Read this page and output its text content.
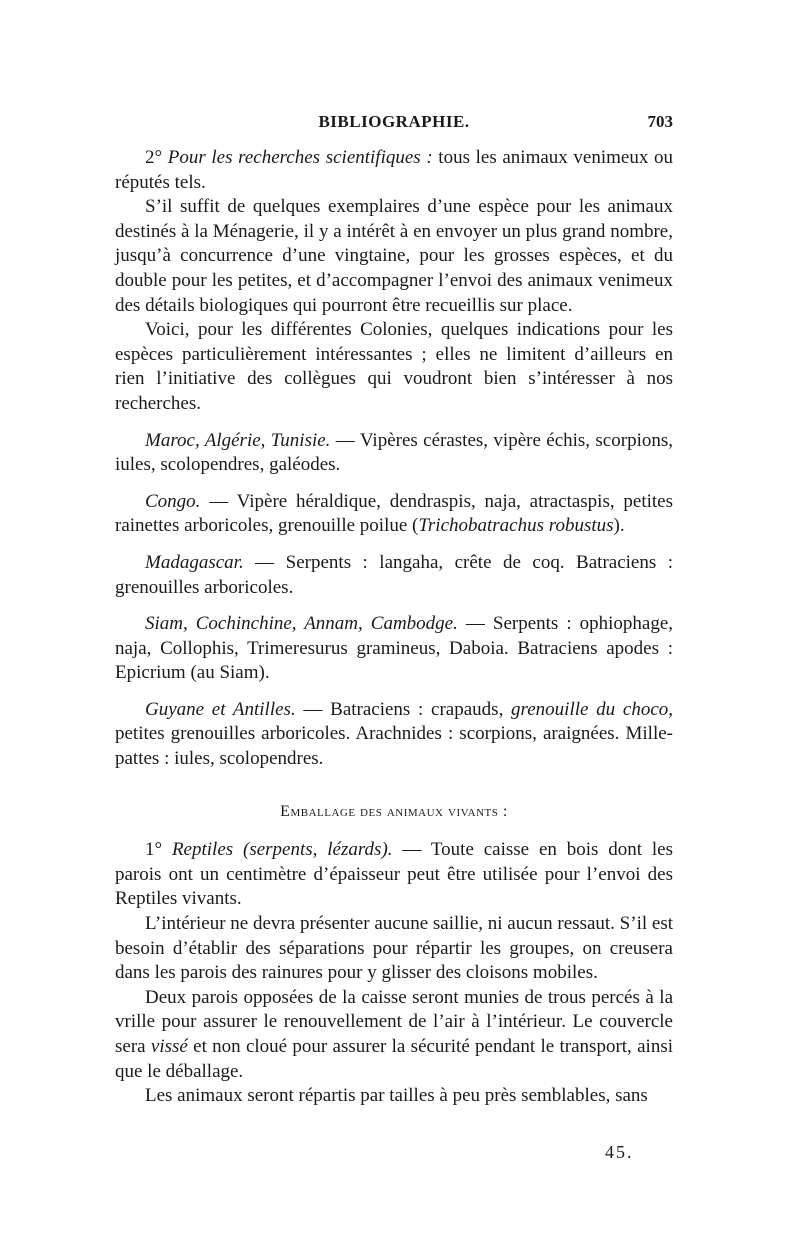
BIBLIOGRAPHIE.	703

2° Pour les recherches scientifiques : tous les animaux venimeux ou réputés tels.

S’il suffit de quelques exemplaires d’une espèce pour les animaux destinés à la Ménagerie, il y a intérêt à en envoyer un plus grand nombre, jusqu’à concurrence d’une vingtaine, pour les grosses espèces, et du double pour les petites, et d’accompagner l’envoi des animaux venimeux des détails biologiques qui pourront être recueillis sur place.

Voici, pour les différentes Colonies, quelques indications pour les espèces particulièrement intéressantes ; elles ne limitent d’ailleurs en rien l’initiative des collègues qui voudront bien s’intéresser à nos recherches.

Maroc, Algérie, Tunisie. — Vipères cérastes, vipère échis, scorpions, iules, scolopendres, galéodes.

Congo. — Vipère héraldique, dendraspis, naja, atractaspis, petites rainettes arboricoles, grenouille poilue (Trichobatrachus robustus).

Madagascar. — Serpents : langaha, crête de coq. Batraciens : grenouilles arboricoles.

Siam, Cochinchine, Annam, Cambodge. — Serpents : ophiophage, naja, Collophis, Trimeresurus gramineus, Daboia. Batraciens apodes : Epicrium (au Siam).

Guyane et Antilles. — Batraciens : crapauds, grenouille du choco, petites grenouilles arboricoles. Arachnides : scorpions, araignées. Mille-pattes : iules, scolopendres.

Emballage des animaux vivants :

1° Reptiles (serpents, lézards). — Toute caisse en bois dont les parois ont un centimètre d’épaisseur peut être utilisée pour l’envoi des Reptiles vivants.

L’intérieur ne devra présenter aucune saillie, ni aucun ressaut. S’il est besoin d’établir des séparations pour répartir les groupes, on creusera dans les parois des rainures pour y glisser des cloisons mobiles.

Deux parois opposées de la caisse seront munies de trous percés à la vrille pour assurer le renouvellement de l’air à l’intérieur. Le couvercle sera vissé et non cloué pour assurer la sécurité pendant le transport, ainsi que le déballage.

Les animaux seront répartis par tailles à peu près semblables, sans

45.
